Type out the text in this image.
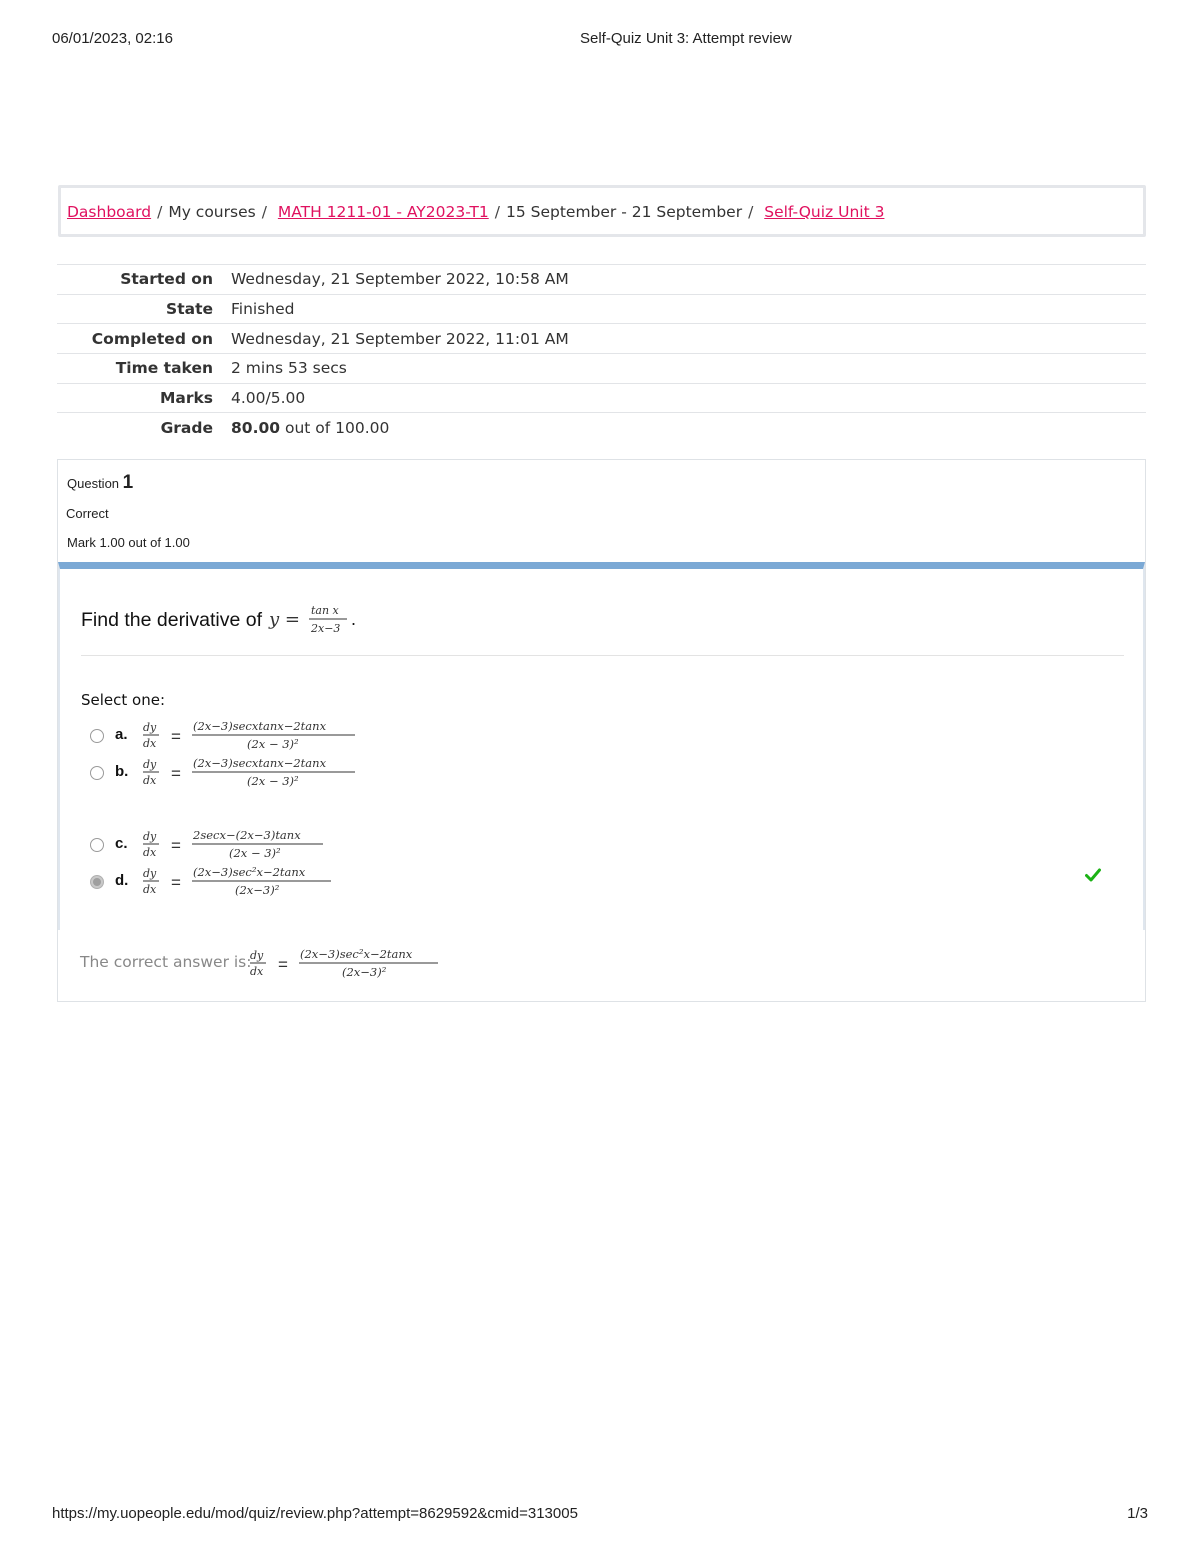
06/01/2023, 02:16	Self-Quiz Unit 3: Attempt review
Dashboard / My courses / MATH 1211-01 - AY2023-T1 / 15 September - 21 September / Self-Quiz Unit 3
Started on	Wednesday, 21 September 2022, 10:58 AM
State	Finished
Completed on	Wednesday, 21 September 2022, 11:01 AM
Time taken	2 mins 53 secs
Marks	4.00/5.00
Grade	80.00 out of 100.00
Question 1
Correct
Mark 1.00 out of 1.00
Find the derivative of y = tan x
2x−3 .
Select one:
a. dy
dx =
(2x−3)secxtanx−2tanx
(2x − 3)²
b. dy
dx =
(2x−3)secxtanx−2tanx
(2x − 3)²
c. dy
dx =
2secx−(2x−3)tanx
(2x − 3)²
d. dy
dx =
(2x−3)sec²x−2tanx
(2x−3)²
The correct answer is:
dy
dx =
(2x−3)sec²x−2tanx
(2x−3)²
https://my.uopeople.edu/mod/quiz/review.php?attempt=8629592&cmid=313005	1/3
